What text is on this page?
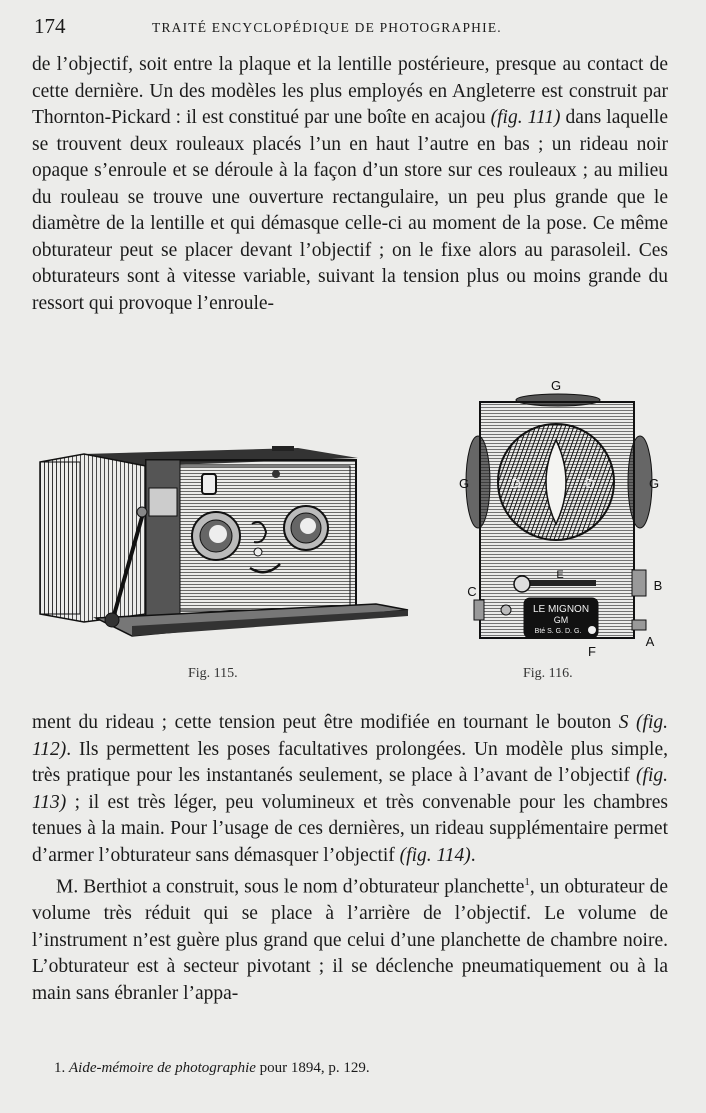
174	TRAITÉ ENCYCLOPÉDIQUE DE PHOTOGRAPHIE.

de l’objectif, soit entre la plaque et la lentille postérieure, presque au contact de cette dernière. Un des modèles les plus employés en Angleterre est construit par Thornton-Pickard : il est constitué par une boîte en acajou (fig. 111) dans laquelle se trouvent deux rouleaux placés l’un en haut l’autre en bas ; un rideau noir opaque s’enroule et se déroule à la façon d’un store sur ces rouleaux ; au milieu du rouleau se trouve une ouverture rectangulaire, un peu plus grande que le diamètre de la lentille et qui démasque celle-ci au moment de la pose. Ce même obturateur peut se placer devant l’objectif ; on le fixe alors au parasoleil. Ces obturateurs sont à vitesse variable, suivant la tension plus ou moins grande du ressort qui provoque l’enroule-

G
G	G
D	D
E
C	B
A
F
LE MIGNON
GM
Bté S. G. D. G.
Fig. 115.	Fig. 116.

ment du rideau ; cette tension peut être modifiée en tournant le bouton S (fig. 112). Ils permettent les poses facultatives prolongées. Un modèle plus simple, très pratique pour les instantanés seulement, se place à l’avant de l’objectif (fig. 113) ; il est très léger, peu volumineux et très convenable pour les chambres tenues à la main. Pour l’usage de ces dernières, un rideau supplémentaire permet d’armer l’obturateur sans démasquer l’objectif (fig. 114).

M. Berthiot a construit, sous le nom d’obturateur planchette$^1$, un obturateur de volume très réduit qui se place à l’arrière de l’objectif. Le volume de l’instrument n’est guère plus grand que celui d’une planchette de chambre noire. L’obturateur est à secteur pivotant ; il se déclenche pneumatiquement ou à la main sans ébranler l’appa-

1. Aide-mémoire de photographie pour 1894, p. 129.
